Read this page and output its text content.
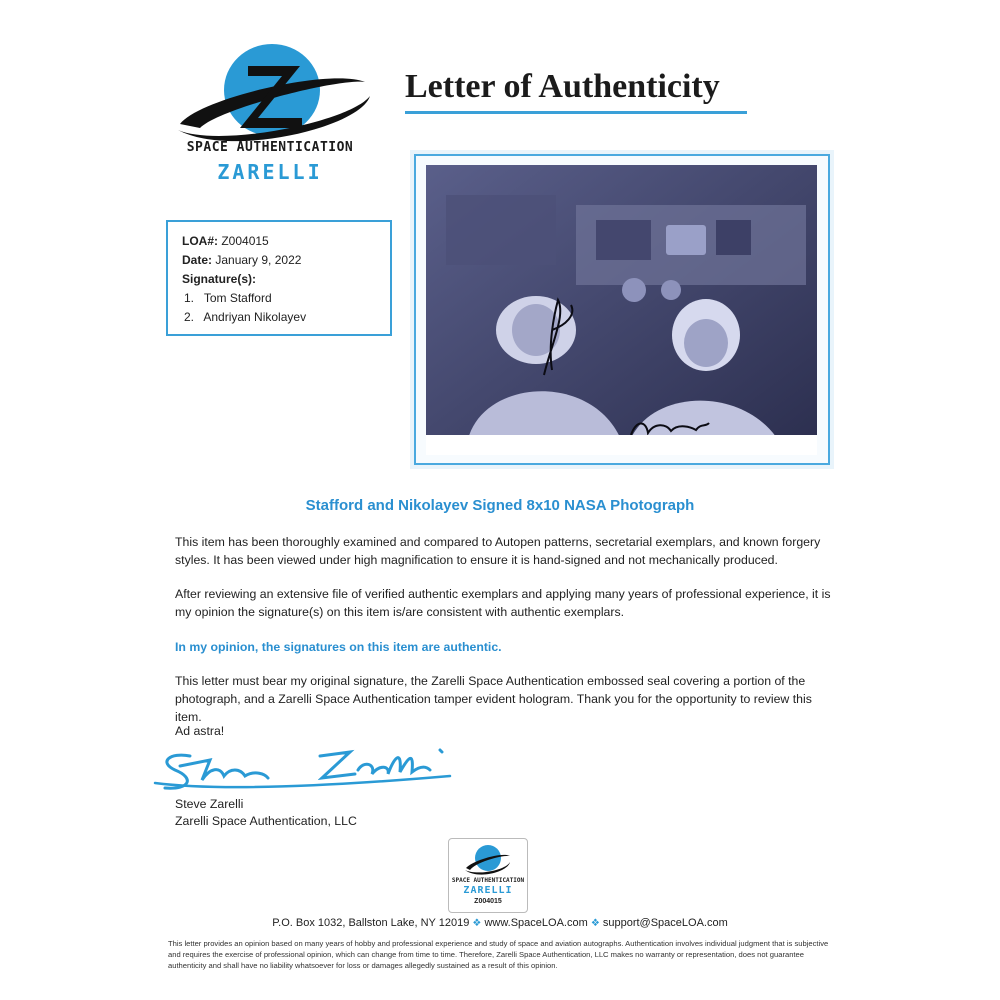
SPACE AUTHENTICATION
ZARELLI
Letter of Authenticity
LOA#: Z004015
Date: January 9, 2022
Signature(s):
1. Tom Stafford
2. Andriyan Nikolayev
Stafford and Nikolayev Signed 8x10 NASA Photograph
This item has been thoroughly examined and compared to Autopen patterns, secretarial exemplars, and known forgery styles. It has been viewed under high magnification to ensure it is hand-signed and not mechanically produced.
After reviewing an extensive file of verified authentic exemplars and applying many years of professional experience, it is my opinion the signature(s) on this item is/are consistent with authentic exemplars.
In my opinion, the signatures on this item are authentic.
This letter must bear my original signature, the Zarelli Space Authentication embossed seal covering a portion of the photograph, and a Zarelli Space Authentication tamper evident hologram. Thank you for the opportunity to review this item.
Ad astra!
Steve Zarelli
Zarelli Space Authentication, LLC
SPACE AUTHENTICATION
ZARELLI
Z004015
P.O. Box 1032, Ballston Lake, NY 12019 ❖ www.SpaceLOA.com ❖ support@SpaceLOA.com
This letter provides an opinion based on many years of hobby and professional experience and study of space and aviation autographs. Authentication involves individual judgment that is subjective and requires the exercise of professional opinion, which can change from time to time. Therefore, Zarelli Space Authentication, LLC makes no warranty or representation, does not guarantee authenticity and shall have no liability whatsoever for loss or damages allegedly sustained as a result of this opinion.
